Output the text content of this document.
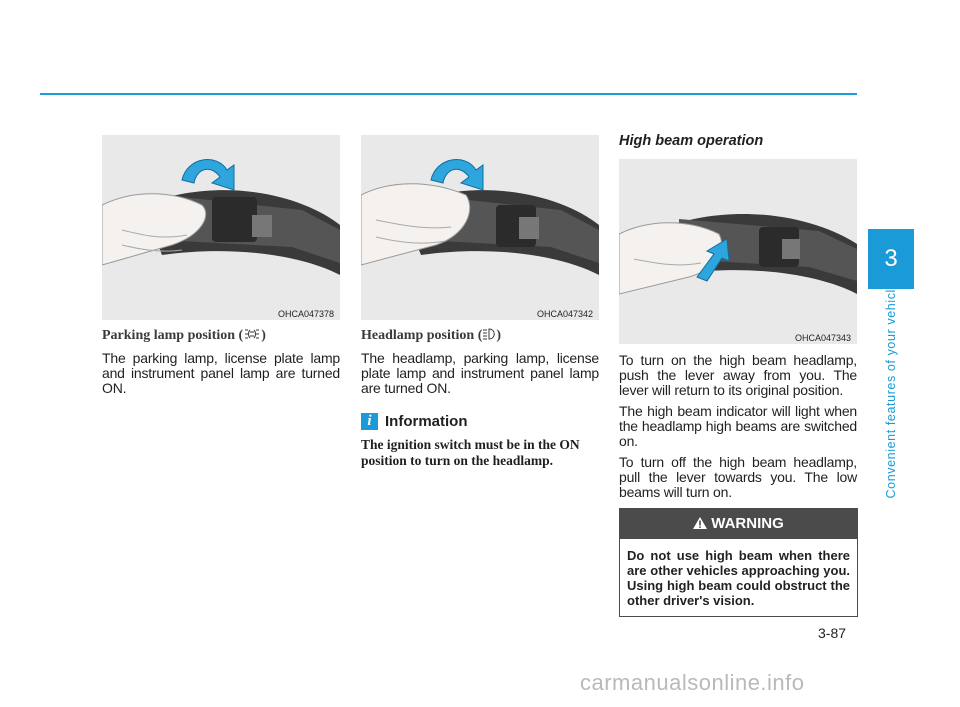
OHCA047378	OHCA047342
OHCA047343
Parking lamp position ( )
The parking lamp, license plate lamp and instrument panel lamp are turned ON.
Headlamp position ( )
The headlamp, parking lamp, license plate lamp and instrument panel lamp are turned ON.
i Information
The ignition switch must be in the ON position to turn on the headlamp.
High beam operation
To turn on the high beam headlamp, push the lever away from you. The lever will return to its original position.
The high beam indicator will light when the headlamp high beams are switched on.
To turn off the high beam headlamp, pull the lever towards you. The low beams will turn on.
WARNING
Do not use high beam when there are other vehicles approaching you. Using high beam could obstruct the other driver's vision.
3
Convenient features of your vehicle
3-87
carmanualsonline.info
